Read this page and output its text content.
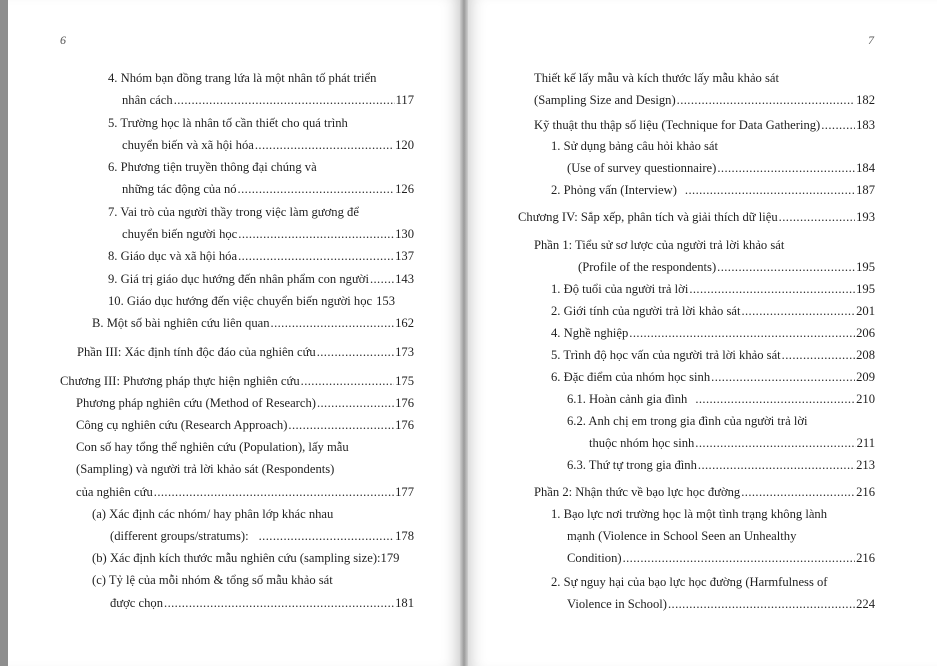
6	7
4. Nhóm bạn đồng trang lứa là một nhân tố phát triển
nhân cách .....	117
5. Trường học là nhân tố cần thiết cho quá trình
chuyển biến và xã hội hóa .....	120
6. Phương tiện truyền thông đại chúng và
những tác động của nó .....	126
7. Vai trò của người thầy trong việc làm gương để
chuyển biến người học .....	130
8. Giáo dục và xã hội hóa .....	137
9. Giá trị giáo dục hướng đến nhân phẩm con người ..... 143
10. Giáo dục hướng đến việc chuyển biến người học 153
B. Một số bài nghiên cứu liên quan .....	162
Phần III: Xác định tính độc đáo của nghiên cứu .....	173
Chương III: Phương pháp thực hiện nghiên cứu .....	175
Phương pháp nghiên cứu (Method of Research) .....	176
Công cụ nghiên cứu (Research Approach) .....	176
Con số hay tổng thể nghiên cứu (Population), lấy mẫu
(Sampling) và người trả lời khảo sát (Respondents)
của nghiên cứu .....	177
(a) Xác định các nhóm/ hay phân lớp khác nhau
(different groups/stratums): .....	178
(b) Xác định kích thước mẫu nghiên cứu (sampling size):179
(c) Tỷ lệ của mỗi nhóm & tổng số mẫu khảo sát
được chọn .....	181
Thiết kế lấy mẫu và kích thước lấy mẫu khảo sát
(Sampling Size and Design) .....	182
Kỹ thuật thu thập số liệu (Technique for Data Gathering) .....	183
1. Sử dụng bảng câu hỏi khảo sát
(Use of survey questionnaire) .....	184
2. Phỏng vấn (Interview) .....	187
Chương IV: Sắp xếp, phân tích và giải thích dữ liệu .....	193
Phần 1: Tiểu sử sơ lược của người trả lời khảo sát
(Profile of the respondents) .....	195
1. Độ tuổi của người trả lời .....	195
2. Giới tính của người trả lời khảo sát .....	201
4. Nghề nghiệp .....	206
5. Trình độ học vấn của người trả lời khảo sát .....	208
6. Đặc điểm của nhóm học sinh .....	209
6.1. Hoàn cảnh gia đình .....	210
6.2. Anh chị em trong gia đình của người trả lời
thuộc nhóm học sinh .....	211
6.3. Thứ tự trong gia đình .....	213
Phần 2: Nhận thức về bạo lực học đường .....	216
1. Bạo lực nơi trường học là một tình trạng không lành
mạnh (Violence in School Seen an Unhealthy
Condition) .....	216
2. Sự nguy hại của bạo lực học đường (Harmfulness of
Violence in School) .....	224
